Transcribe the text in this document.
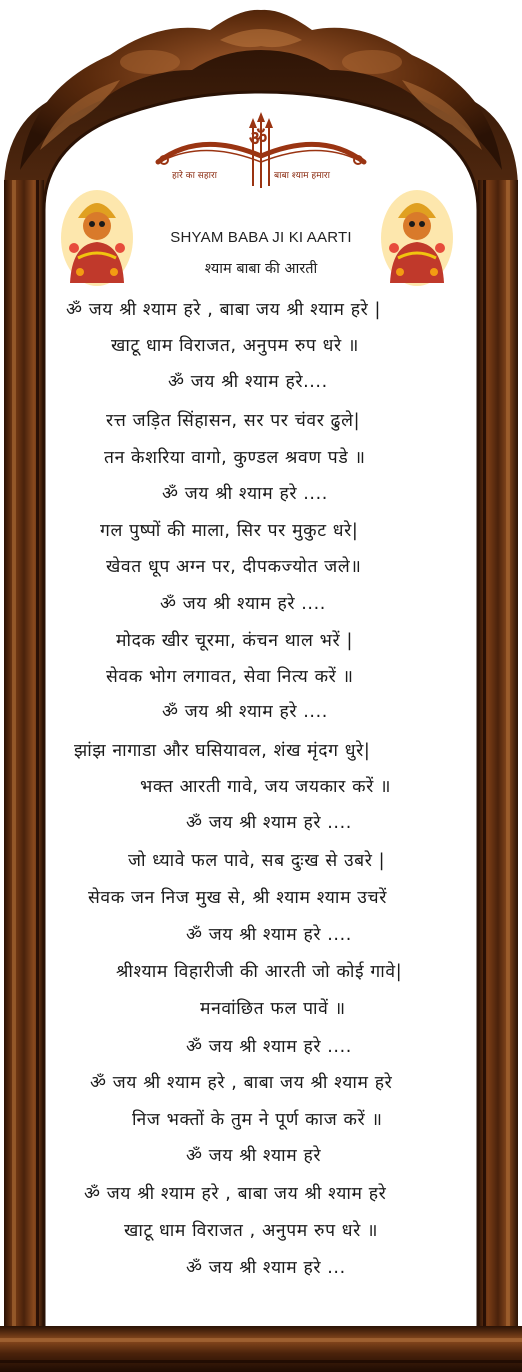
ॐ
हारे का सहारा	बाबा श्याम हमारा
SHYAM BABA JI KI AARTI
श्याम बाबा की आरती
ॐ जय श्री श्याम हरे , बाबा जय श्री श्याम हरे |
खाटू धाम विराजत, अनुपम रुप धरे ॥
ॐ जय श्री श्याम हरे....
रत्त जड़ित सिंहासन, सर पर चंवर ढुले|
तन केशरिया वागो, कुण्डल श्रवण पडे ॥
ॐ जय श्री श्याम हरे ....
गल पुष्पों की माला, सिर पर मुकुट धरे|
खेवत धूप अग्न पर, दीपकज्योत जले॥
ॐ जय श्री श्याम हरे ....
मोदक खीर चूरमा, कंचन थाल भरें |
सेवक भोग लगावत, सेवा नित्य करें ॥
ॐ जय श्री श्याम हरे ....
झांझ नागाडा और घसियावल, शंख मृंदग धुरे|
भक्त आरती गावे, जय जयकार करें ॥
ॐ जय श्री श्याम हरे ....
जो ध्यावे फल पावे, सब दुःख से उबरे |
सेवक जन निज मुख से, श्री श्याम श्याम उचरें
ॐ जय श्री श्याम हरे ....
श्रीश्याम विहारीजी की आरती जो कोई गावे|
मनवांछित फल पावें ॥
ॐ जय श्री श्याम हरे ....
ॐ जय श्री श्याम हरे , बाबा जय श्री श्याम हरे
निज भक्तों के तुम ने पूर्ण काज करें ॥
ॐ जय श्री श्याम हरे
ॐ जय श्री श्याम हरे , बाबा जय श्री श्याम हरे
खाटू धाम विराजत , अनुपम रुप धरे ॥
ॐ जय श्री श्याम हरे ...
